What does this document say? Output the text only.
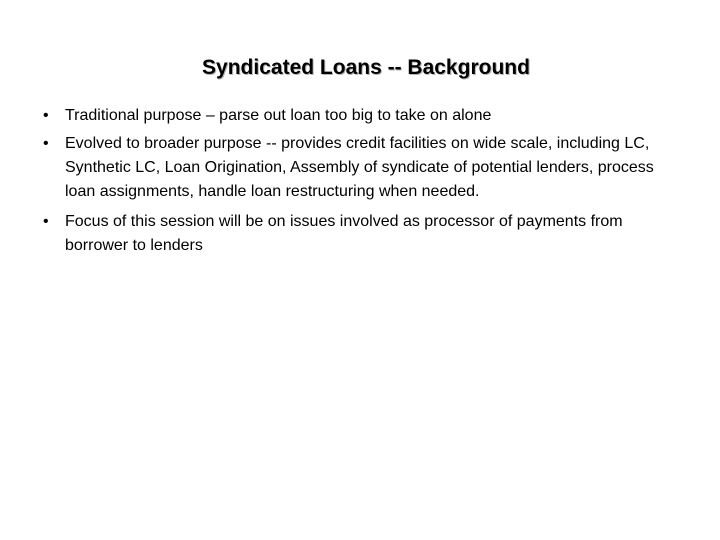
Syndicated Loans -- Background
•	Traditional purpose – parse out loan too big to take on alone
•	Evolved to broader purpose -- provides credit facilities on wide scale, including LC, Synthetic LC, Loan Origination, Assembly of syndicate of potential lenders, process loan assignments, handle loan restructuring when needed.
•	Focus of this session will be on issues involved as processor of payments from borrower to lenders
